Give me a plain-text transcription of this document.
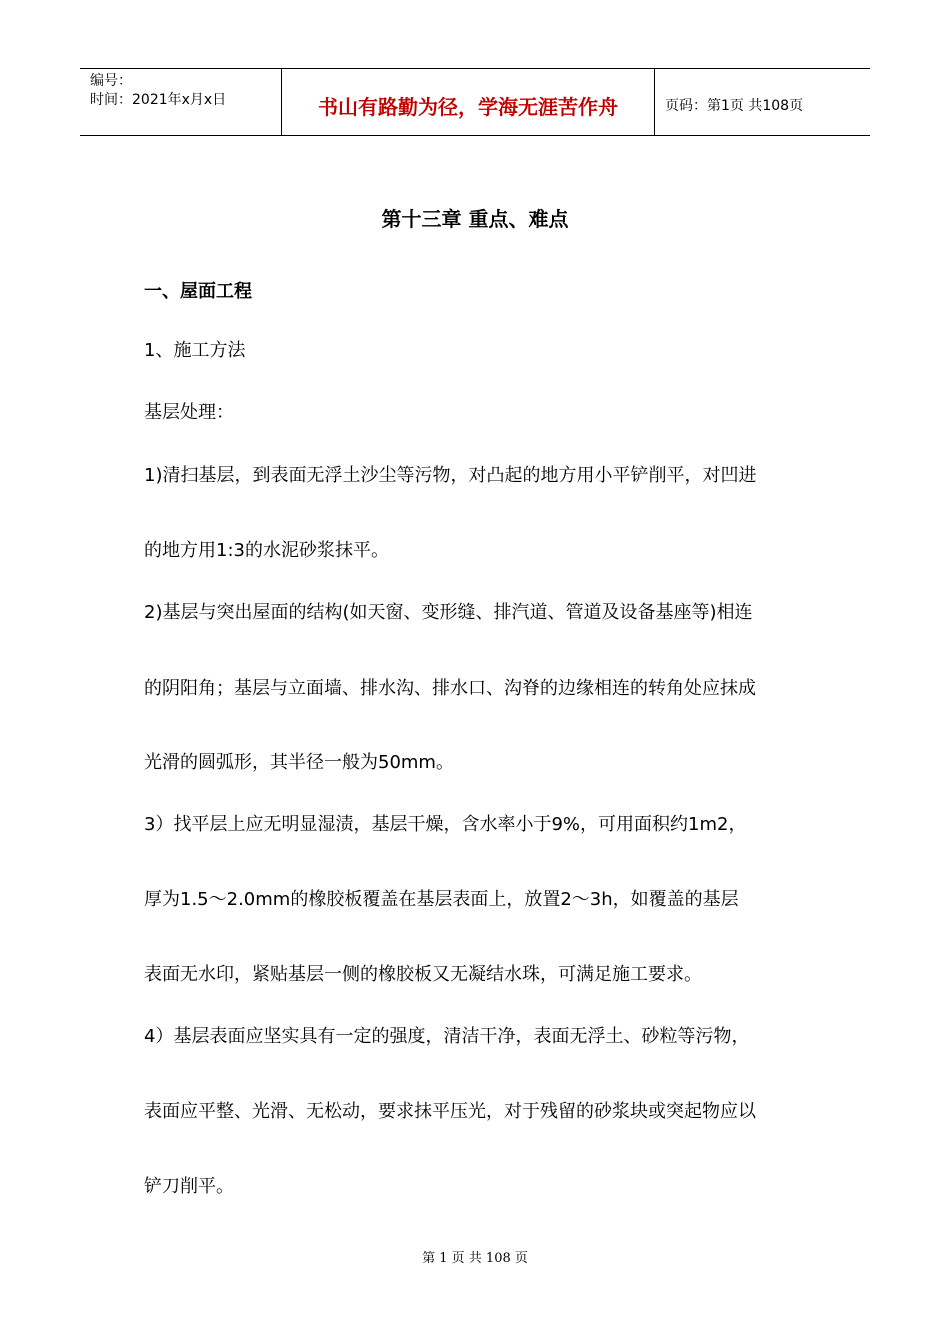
编号：
时间：2021年x月x日	书山有路勤为径，学海无涯苦作舟	页码：第1页 共108页
第十三章 重点、难点
一、屋面工程
1、施工方法
基层处理：
1)清扫基层，到表面无浮土沙尘等污物，对凸起的地方用小平铲削平，对凹进
的地方用1:3的水泥砂浆抹平。
2)基层与突出屋面的结构(如天窗、变形缝、排汽道、管道及设备基座等)相连
的阴阳角；基层与立面墙、排水沟、排水口、沟脊的边缘相连的转角处应抹成
光滑的圆弧形，其半径一般为50mm。
3）找平层上应无明显湿渍，基层干燥，含水率小于9%，可用面积约1m2，
厚为1.5～2.0mm的橡胶板覆盖在基层表面上，放置2～3h，如覆盖的基层
表面无水印，紧贴基层一侧的橡胶板又无凝结水珠，可满足施工要求。
4）基层表面应坚实具有一定的强度，清洁干净，表面无浮土、砂粒等污物，
表面应平整、光滑、无松动，要求抹平压光，对于残留的砂浆块或突起物应以
铲刀削平。
第 1 页 共 108 页
